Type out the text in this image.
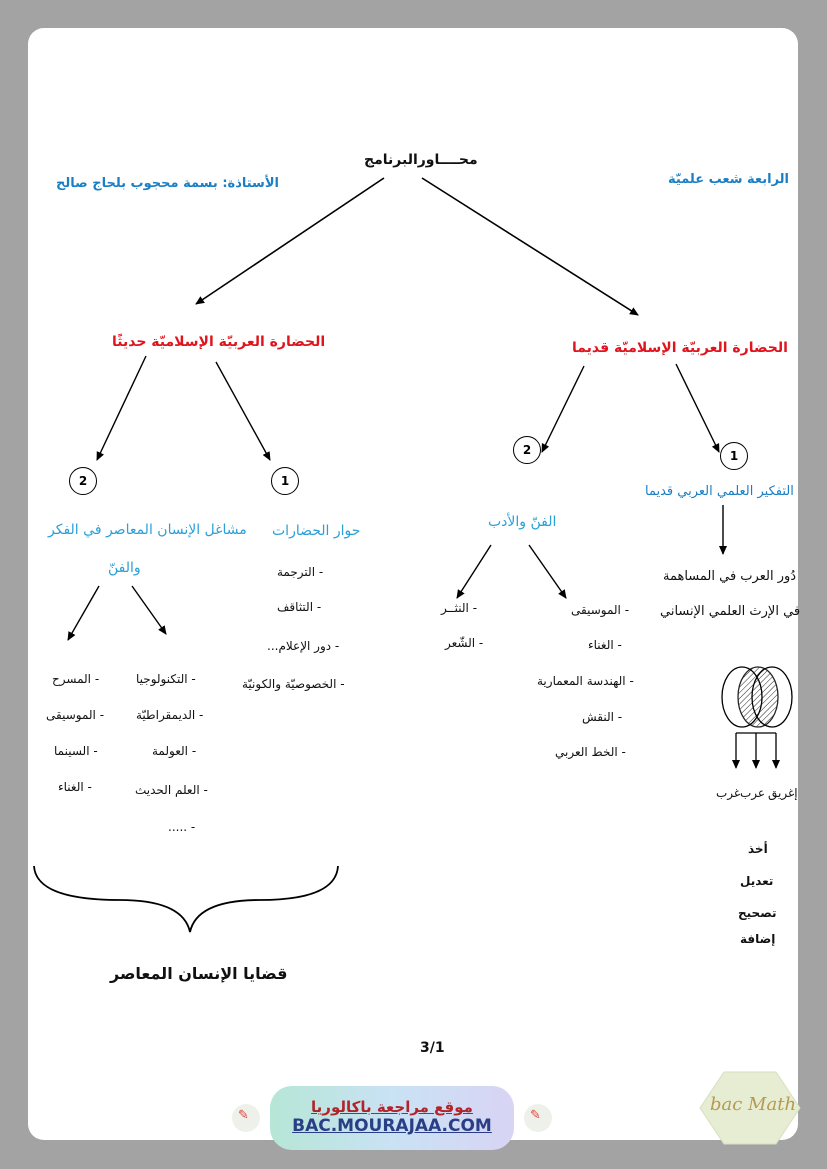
محــــاورالبرنامج
الأستاذة: بسمة محجوب بلحاج صالح	الرابعة شعب علميّة
الحضارة العربيّة الإسلاميّة حديثًا	الحضارة العربيّة الإسلاميّة قديما
2	1
2	1
حوار الحضارات
- الترجمة
- التثاقف
- دور الإعلام...
- الخصوصيّة والكونيّة
مشاغل الإنسان المعاصر في الفكر
والفنّ
- التكنولوجيا
- الديمقراطيّة
- العولمة
- العلم الحديث
- .....
- المسرح
- الموسيقى
- السينما
- الغناء
قضايا الإنسان المعاصر
الفنّ والأدب
- الموسيقى
- الغناء
- الهندسة المعمارية
- النقش
- الخط العربي
- النثــر
- الشّعر
التفكير العلمي العربي قديما
دُور العرب في المساهمة
في الإرث العلمي الإنساني
إغريق
عرب
غرب
أخذ
تعديل
تصحيح
إضافة
3/1
✎	موقع مراجعة باكالوريا
BAC.MOURAJAA.COM
✎
bac Math
